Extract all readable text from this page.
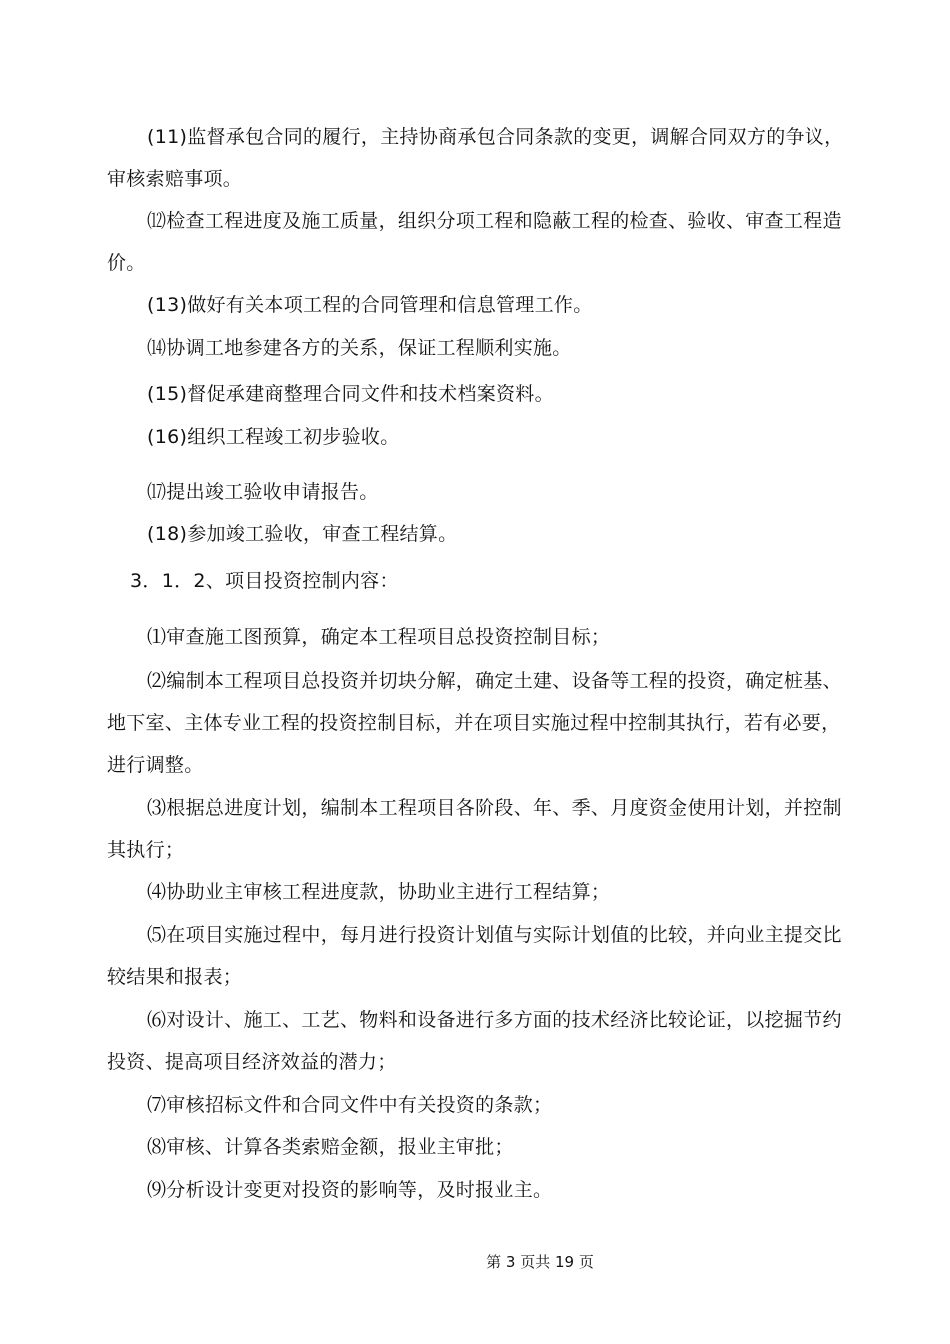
(11)监督承包合同的履行，主持协商承包合同条款的变更，调解合同双方的争议，审核索赔事项。

⑿检查工程进度及施工质量，组织分项工程和隐蔽工程的检查、验收、审查工程造价。

(13)做好有关本项工程的合同管理和信息管理工作。

⒁协调工地参建各方的关系，保证工程顺利实施。

(15)督促承建商整理合同文件和技术档案资料。

(16)组织工程竣工初步验收。

⒄提出竣工验收申请报告。

(18)参加竣工验收，审查工程结算。

3．1．2、项目投资控制内容：

⑴审查施工图预算，确定本工程项目总投资控制目标；

⑵编制本工程项目总投资并切块分解，确定土建、设备等工程的投资，确定桩基、地下室、主体专业工程的投资控制目标，并在项目实施过程中控制其执行，若有必要，进行调整。

⑶根据总进度计划，编制本工程项目各阶段、年、季、月度资金使用计划，并控制其执行；

⑷协助业主审核工程进度款，协助业主进行工程结算；

⑸在项目实施过程中，每月进行投资计划值与实际计划值的比较，并向业主提交比较结果和报表；

⑹对设计、施工、工艺、物料和设备进行多方面的技术经济比较论证，以挖掘节约投资、提高项目经济效益的潜力；

⑺审核招标文件和合同文件中有关投资的条款；

⑻审核、计算各类索赔金额，报业主审批；

⑼分析设计变更对投资的影响等，及时报业主。

第 3 页共 19 页
